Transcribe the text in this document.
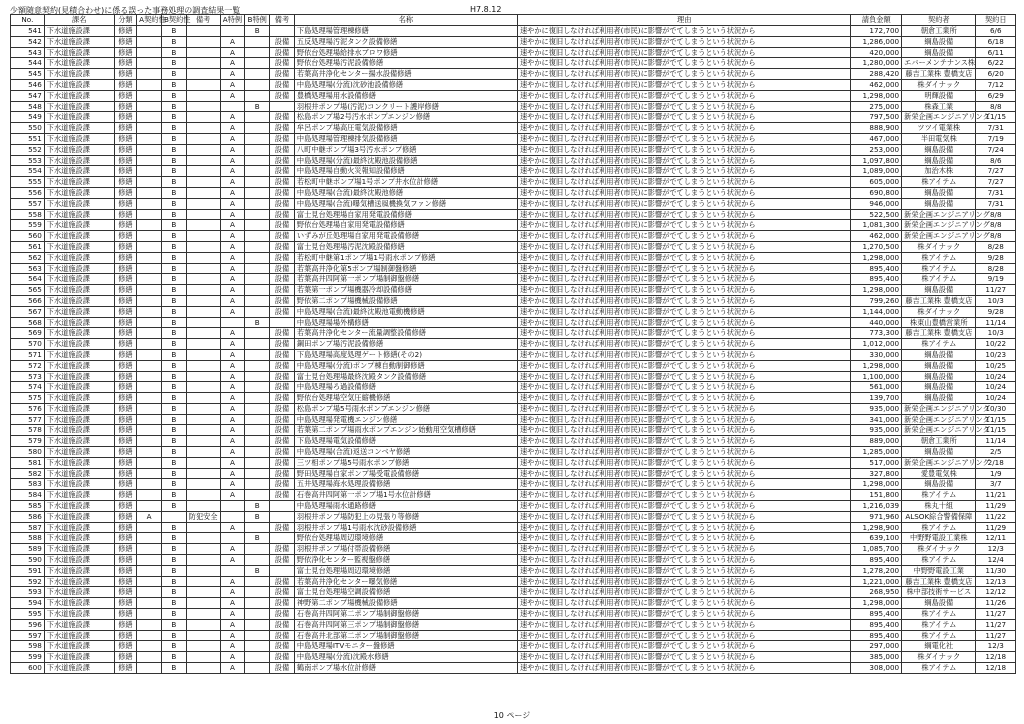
少額随意契約(見積合わせ)に係る誤った事務処理の調査結果一覧	H7.8.12
No.	課名	分類	A契約性	B契約性	備考	A特例	B特例	備考	名称	理由	請負金額	契約者	契約日
541	下水道施設課	修繕		B			B		下島処理場管理棟修繕	速やかに復旧しなければ利用者(市民)に影響がでてしまうという状況から	172,700	朝倉工業所	6/6
542	下水道施設課	修繕		B		A		設備	五反処理場汚泥タンク設備修繕	速やかに復旧しなければ利用者(市民)に影響がでてしまうという状況から	1,286,000	綱島設備	6/18
543	下水道施設課	修繕		B		A		設備	野依台処理場給排水ブロワ修繕	速やかに復旧しなければ利用者(市民)に影響がでてしまうという状況から	420,000	綱島設備	6/11
544	下水道施設課	修繕		B		A		設備	野依台処理場汚泥設備修繕	速やかに復旧しなければ利用者(市民)に影響がでてしまうという状況から	1,280,000	エバーメンテナンス株	6/22
545	下水道施設課	修繕		B		A		設備	若葉高井浄化センター揚水設備修繕	速やかに復旧しなければ利用者(市民)に影響がでてしまうという状況から	288,420	藤吉工業株 豊橋支店	6/20
546	下水道施設課	修繕		B		A		設備	中島処理場(分流)沈砂池設備修繕	速やかに復旧しなければ利用者(市民)に影響がでてしまうという状況から	462,000	株ダイナック	7/12
547	下水道施設課	修繕		B		A		設備	豊橋処理場用水設備修繕	速やかに復旧しなければ利用者(市民)に影響がでてしまうという状況から	1,298,000	明輝設備	6/29
548	下水道施設課	修繕		B			B		羽根井ポンプ場(汚泥)コンクリート護岸修繕	速やかに復旧しなければ利用者(市民)に影響がでてしまうという状況から	275,000	株森工業	8/8
549	下水道施設課	修繕		B		A		設備	松島ポンプ場2号汚水ポンプエンジン修繕	速やかに復旧しなければ利用者(市民)に影響がでてしまうという状況から	797,500	新栄企画エンジニアリング	11/15
550	下水道施設課	修繕		B		A		設備	牟呂ポンプ場高圧電気設備修繕	速やかに復旧しなければ利用者(市民)に影響がでてしまうという状況から	888,900	ツツイ電業株	7/31
551	下水道施設課	修繕		B		A		設備	中島処理場管理棟排気設備修繕	速やかに復旧しなければ利用者(市民)に影響がでてしまうという状況から	467,000	半田電気株	7/19
552	下水道施設課	修繕		B		A		設備	八町中継ポンプ場3号汚水ポンプ修繕	速やかに復旧しなければ利用者(市民)に影響がでてしまうという状況から	253,000	綱島設備	7/24
553	下水道施設課	修繕		B		A		設備	中島処理場(分流)最終沈殿池設備修繕	速やかに復旧しなければ利用者(市民)に影響がでてしまうという状況から	1,097,800	綱島設備	8/6
554	下水道施設課	修繕		B		A		設備	中島処理場自動火災報知設備修繕	速やかに復旧しなければ利用者(市民)に影響がでてしまうという状況から	1,089,000	加治木株	7/27
555	下水道施設課	修繕		B		A		設備	若松町中継ポンプ場1号ポンプ井水位計修繕	速やかに復旧しなければ利用者(市民)に影響がでてしまうという状況から	605,000	株アイテム	7/27
556	下水道施設課	修繕		B		A		設備	中島処理場(合流)最終沈殿池修繕	速やかに復旧しなければ利用者(市民)に影響がでてしまうという状況から	690,800	綱島設備	7/31
557	下水道施設課	修繕		B		A		設備	中島処理場(合流)曝気槽送風機換気ファン修繕	速やかに復旧しなければ利用者(市民)に影響がでてしまうという状況から	946,000	綱島設備	7/31
558	下水道施設課	修繕		B		A		設備	富士見台処理場自家用発電設備修繕	速やかに復旧しなければ利用者(市民)に影響がでてしまうという状況から	522,500	新栄企画エンジニアリング	8/8
559	下水道施設課	修繕		B		A		設備	野依台処理場自家用発電設備修繕	速やかに復旧しなければ利用者(市民)に影響がでてしまうという状況から	1,081,300	新栄企画エンジニアリング	8/8
560	下水道施設課	修繕		B		A		設備	いずみが丘処理場自家用発電設備修繕	速やかに復旧しなければ利用者(市民)に影響がでてしまうという状況から	462,000	新栄企画エンジニアリング	8/8
561	下水道施設課	修繕		B		A		設備	富士見台処理場汚泥沈殿設備修繕	速やかに復旧しなければ利用者(市民)に影響がでてしまうという状況から	1,270,500	株ダイナック	8/28
562	下水道施設課	修繕		B		A		設備	若松町中継第1ポンプ場1号雨水ポンプ修繕	速やかに復旧しなければ利用者(市民)に影響がでてしまうという状況から	1,298,000	株アイテム	9/28
563	下水道施設課	修繕		B		A		設備	若葉高井浄化第5ポンプ場制御盤修繕	速やかに復旧しなければ利用者(市民)に影響がでてしまうという状況から	895,400	株アイテム	8/28
564	下水道施設課	修繕		B		A		設備	若葉高井四阿第一ポンプ場制御盤修繕	速やかに復旧しなければ利用者(市民)に影響がでてしまうという状況から	895,400	株アイテム	9/19
565	下水道施設課	修繕		B		A		設備	若葉第一ポンプ場機器冷却設備修繕	速やかに復旧しなければ利用者(市民)に影響がでてしまうという状況から	1,298,000	綱島設備	11/27
566	下水道施設課	修繕		B		A		設備	野依第二ポンプ場機械設備修繕	速やかに復旧しなければ利用者(市民)に影響がでてしまうという状況から	799,260	藤吉工業株 豊橋支店	10/3
567	下水道施設課	修繕		B		A		設備	中島処理場(合流)最終沈殿池電動機修繕	速やかに復旧しなければ利用者(市民)に影響がでてしまうという状況から	1,144,000	株ダイナック	9/28
568	下水道施設課	修繕		B			B		中島処理場場外構修繕	速やかに復旧しなければ利用者(市民)に影響がでてしまうという状況から	440,000	株東山豊橋営業所	11/14
569	下水道施設課	修繕		B		A		設備	若葉高井浄化センター流量調整設備修繕	速やかに復旧しなければ利用者(市民)に影響がでてしまうという状況から	773,300	藤吉工業株 豊橋支店	10/3
570	下水道施設課	修繕		B		A		設備	鋼田ポンプ場汚泥設備修繕	速やかに復旧しなければ利用者(市民)に影響がでてしまうという状況から	1,012,000	株アイテム	10/22
571	下水道施設課	修繕		B		A		設備	下島処理場高度処理ゲート修繕(その2)	速やかに復旧しなければ利用者(市民)に影響がでてしまうという状況から	330,000	綱島設備	10/23
572	下水道施設課	修繕		B		A		設備	中島処理場(分流)ポンプ棟自動制御修繕	速やかに復旧しなければ利用者(市民)に影響がでてしまうという状況から	1,298,000	綱島設備	10/25
573	下水道施設課	修繕		B		A		設備	富士見台処理場最終沈殿タンク設備修繕	速やかに復旧しなければ利用者(市民)に影響がでてしまうという状況から	1,100,000	綱島設備	10/24
574	下水道施設課	修繕		B		A		設備	中島処理場ろ過設備修繕	速やかに復旧しなければ利用者(市民)に影響がでてしまうという状況から	561,000	綱島設備	10/24
575	下水道施設課	修繕		B		A		設備	野依台処理場空気圧縮機修繕	速やかに復旧しなければ利用者(市民)に影響がでてしまうという状況から	139,700	綱島設備	10/24
576	下水道施設課	修繕		B		A		設備	松島ポンプ場5号雨水ポンプエンジン修繕	速やかに復旧しなければ利用者(市民)に影響がでてしまうという状況から	935,000	新栄企画エンジニアリング	10/30
577	下水道施設課	修繕		B		A		設備	中島処理場発電機エンジン修繕	速やかに復旧しなければ利用者(市民)に影響がでてしまうという状況から	341,000	新栄企画エンジニアリング	11/15
578	下水道施設課	修繕		B		A		設備	若葉第二ポンプ場雨水ポンプエンジン始動用空気槽修繕	速やかに復旧しなければ利用者(市民)に影響がでてしまうという状況から	935,000	新栄企画エンジニアリング	11/15
579	下水道施設課	修繕		B		A		設備	下島処理場電気設備修繕	速やかに復旧しなければ利用者(市民)に影響がでてしまうという状況から	889,000	朝倉工業所	11/14
580	下水道施設課	修繕		B		A		設備	中島処理場(合流)返送コンベヤ修繕	速やかに復旧しなければ利用者(市民)に影響がでてしまうという状況から	1,285,000	綱島設備	2/5
581	下水道施設課	修繕		B		A		設備	三ツ相ポンプ場5号雨水ポンプ修繕	速やかに復旧しなければ利用者(市民)に影響がでてしまうという状況から	517,000	新栄企画エンジニアリング	2/18
582	下水道施設課	修繕		B		A		設備	野田処理場自家ポンプ場受電設備修繕	速やかに復旧しなければ利用者(市民)に影響がでてしまうという状況から	327,800	愛豊電気株	1/9
583	下水道施設課	修繕		B		A		設備	五井処理場海水処理設備修繕	速やかに復旧しなければ利用者(市民)に影響がでてしまうという状況から	1,298,000	綱島設備	3/7
584	下水道施設課	修繕		B		A		設備	石巻高井四阿第一ポンプ場1号水位計修繕	速やかに復旧しなければ利用者(市民)に影響がでてしまうという状況から	151,800	株アイテム	11/21
585	下水道施設課	修繕		B			B		中島処理場雨水通路修繕	速やかに復旧しなければ利用者(市民)に影響がでてしまうという状況から	1,216,039	株丸十組	11/29
586	下水道施設課	修繕	A		防犯安全		B		羽根井ポンプ場防犯上の見張り等修繕	速やかに復旧しなければ利用者(市民)に影響がでてしまうという状況から	971,960	ALSOK綜合警備保障	11/22
587	下水道施設課	修繕		B		A		設備	羽根井ポンプ場1号雨水沈砂設備修繕	速やかに復旧しなければ利用者(市民)に影響がでてしまうという状況から	1,298,900	株アイテム	11/29
588	下水道施設課	修繕		B			B		野依台処理場周辺環境修繕	速やかに復旧しなければ利用者(市民)に影響がでてしまうという状況から	639,100	中野野電設工業株	12/11
589	下水道施設課	修繕		B		A		設備	羽根井ポンプ場付帯設備修繕	速やかに復旧しなければ利用者(市民)に影響がでてしまうという状況から	1,085,700	株ダイナック	12/3
590	下水道施設課	修繕		B		A		設備	野依浄化センター監視盤修繕	速やかに復旧しなければ利用者(市民)に影響がでてしまうという状況から	895,400	株アイテム	12/4
591	下水道施設課	修繕		B			B		富士見台処理場周辺環境修繕	速やかに復旧しなければ利用者(市民)に影響がでてしまうという状況から	1,278,200	中野野電設工業	11/30
592	下水道施設課	修繕		B		A		設備	若葉高井浄化センター曝気修繕	速やかに復旧しなければ利用者(市民)に影響がでてしまうという状況から	1,221,000	藤吉工業株 豊橋支店	12/13
593	下水道施設課	修繕		B		A		設備	富士見台処理場空調設備修繕	速やかに復旧しなければ利用者(市民)に影響がでてしまうという状況から	268,950	株中部技術サービス	12/12
594	下水道施設課	修繕		B		A		設備	神野第二ポンプ場機械設備修繕	速やかに復旧しなければ利用者(市民)に影響がでてしまうという状況から	1,298,000	綱島設備	11/26
595	下水道施設課	修繕		B		A		設備	石巻高井四阿第二ポンプ場制御盤修繕	速やかに復旧しなければ利用者(市民)に影響がでてしまうという状況から	895,400	株アイテム	11/27
596	下水道施設課	修繕		B		A		設備	石巻高井四阿第三ポンプ場制御盤修繕	速やかに復旧しなければ利用者(市民)に影響がでてしまうという状況から	895,400	株アイテム	11/27
597	下水道施設課	修繕		B		A		設備	石巻高井北部第二ポンプ場制御盤修繕	速やかに復旧しなければ利用者(市民)に影響がでてしまうという状況から	895,400	株アイテム	11/27
598	下水道施設課	修繕		B		A		設備	中島処理場ITVモニター盤修繕	速やかに復旧しなければ利用者(市民)に影響がでてしまうという状況から	297,000	綱電化社	12/3
599	下水道施設課	修繕		B		A		設備	中島処理場(分流)沈殿水修繕	速やかに復旧しなければ利用者(市民)に影響がでてしまうという状況から	385,000	株ダイナック	12/18
600	下水道施設課	修繕		B		A		設備	鶴南ポンプ場水位計修繕	速やかに復旧しなければ利用者(市民)に影響がでてしまうという状況から	308,000	株アイテム	12/18
10 ページ
